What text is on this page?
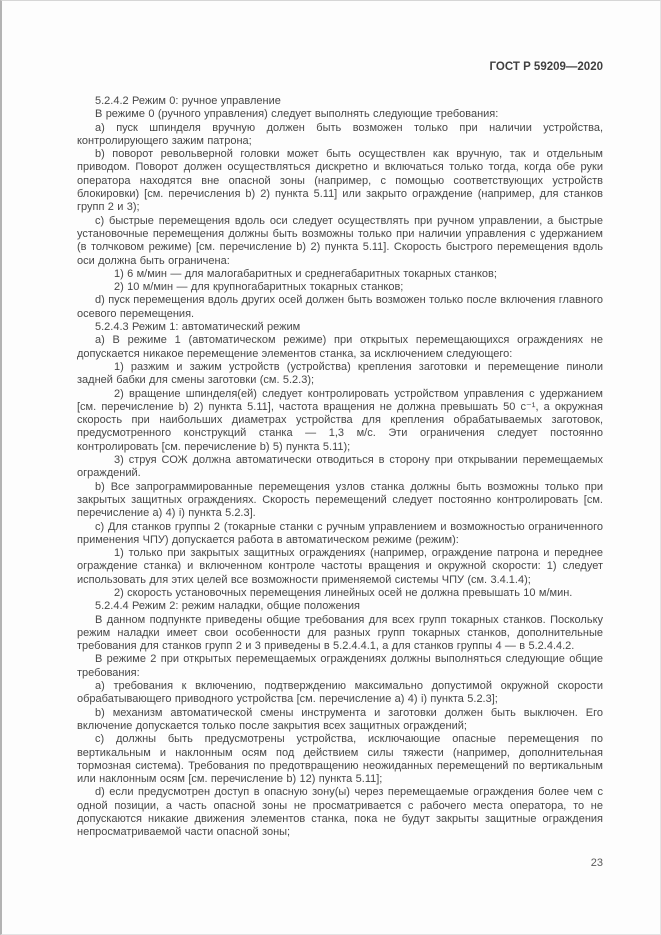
ГОСТ Р 59209—2020

5.2.4.2 Режим 0: ручное управление

В режиме 0 (ручного управления) следует выполнять следующие требования:

а) пуск шпинделя вручную должен быть возможен только при наличии устройства, контролирующего зажим патрона;

b) поворот револьверной головки может быть осуществлен как вручную, так и отдельным приводом. Поворот должен осуществляться дискретно и включаться только тогда, когда обе руки оператора находятся вне опасной зоны (например, с помощью соответствующих устройств блокировки) [см. перечисления b) 2) пункта 5.11] или закрыто ограждение (например, для станков групп 2 и 3);

с) быстрые перемещения вдоль оси следует осуществлять при ручном управлении, а быстрые установочные перемещения должны быть возможны только при наличии управления с удержанием (в толчковом режиме) [см. перечисление b) 2) пункта 5.11]. Скорость быстрого перемещения вдоль оси должна быть ограничена:

1) 6 м/мин — для малогабаритных и среднегабаритных токарных станков;

2) 10 м/мин — для крупногабаритных токарных станков;

d) пуск перемещения вдоль других осей должен быть возможен только после включения главного осевого перемещения.

5.2.4.3 Режим 1: автоматический режим

а) В режиме 1 (автоматическом режиме) при открытых перемещающихся ограждениях не допускается никакое перемещение элементов станка, за исключением следующего:

1) разжим и зажим устройств (устройства) крепления заготовки и перемещение пиноли задней бабки для смены заготовки (см. 5.2.3);

2) вращение шпинделя(ей) следует контролировать устройством управления с удержанием [см. перечисление b) 2) пункта 5.11], частота вращения не должна превышать 50 с⁻¹, а окружная скорость при наибольших диаметрах устройства для крепления обрабатываемых заготовок, предусмотренного конструкций станка — 1,3 м/с. Эти ограничения следует постоянно контролировать [см. перечисление b) 5) пункта 5.11);

3) струя СОЖ должна автоматически отводиться в сторону при открывании перемещаемых ограждений.

b) Все запрограммированные перемещения узлов станка должны быть возможны только при закрытых защитных ограждениях. Скорость перемещений следует постоянно контролировать [см. перечисление а) 4) i) пункта 5.2.3].

с) Для станков группы 2 (токарные станки с ручным управлением и возможностью ограниченного применения ЧПУ) допускается работа в автоматическом режиме (режим):

1) только при закрытых защитных ограждениях (например, ограждение патрона и переднее ограждение станка) и включенном контроле частоты вращения и окружной скорости: 1) следует использовать для этих целей все возможности применяемой системы ЧПУ (см. 3.4.1.4);

2) скорость установочных перемещения линейных осей не должна превышать 10 м/мин.

5.2.4.4 Режим 2: режим наладки, общие положения

В данном подпункте приведены общие требования для всех групп токарных станков. Поскольку режим наладки имеет свои особенности для разных групп токарных станков, дополнительные требования для станков групп 2 и 3 приведены в 5.2.4.4.1, а для станков группы 4 — в 5.2.4.4.2.

В режиме 2 при открытых перемещаемых ограждениях должны выполняться следующие общие требования:

а) требования к включению, подтверждению максимально допустимой окружной скорости обрабатывающего приводного устройства [см. перечисление а) 4) i) пункта 5.2.3];

b) механизм автоматической смены инструмента и заготовки должен быть выключен. Его включение допускается только после закрытия всех защитных ограждений;

с) должны быть предусмотрены устройства, исключающие опасные перемещения по вертикальным и наклонным осям под действием силы тяжести (например, дополнительная тормозная система). Требования по предотвращению неожиданных перемещений по вертикальным или наклонным осям [см. перечисление b) 12) пункта 5.11];

d) если предусмотрен доступ в опасную зону(ы) через перемещаемые ограждения более чем с одной позиции, а часть опасной зоны не просматривается с рабочего места оператора, то не допускаются никакие движения элементов станка, пока не будут закрыты защитные ограждения непросматриваемой части опасной зоны;

23
